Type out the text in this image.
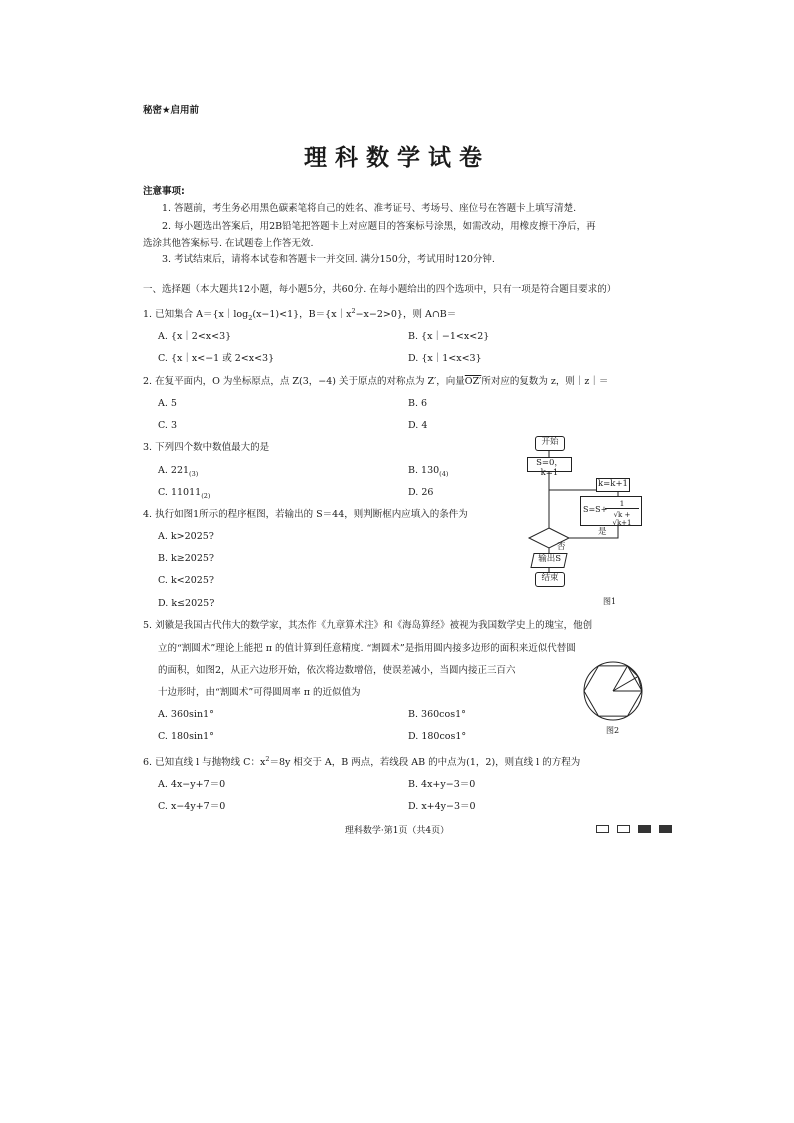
秘密★启用前
理科数学试卷
注意事项:
1. 答题前，考生务必用黑色碳素笔将自己的姓名、准考证号、考场号、座位号在答题卡上填写清楚.
2. 每小题选出答案后，用2B铅笔把答题卡上对应题目的答案标号涂黑，如需改动，用橡皮擦干净后，再
选涂其他答案标号. 在试题卷上作答无效.
3. 考试结束后，请将本试卷和答题卡一并交回. 满分150分，考试用时120分钟.
一、选择题（本大题共12小题，每小题5分，共60分. 在每小题给出的四个选项中，只有一项是符合题目要求的）
1. 已知集合 $A=\{x|\log_2(x-1)<1\}$，$B=\{x|x^2-x-2>0\}$，则 A∩B＝
A. {x｜2<x<3}	B. {x｜−1<x<2}
C. {x｜x<−1 或 2<x<3}	D. {x｜1<x<3}
2. 在复平面内，O 为坐标原点，点 Z(3，−4) 关于原点的对称点为 Z′，向量OZ′所对应的复数为 z，则｜z｜＝
A. 5	B. 6
C. 3	D. 4
3. 下列四个数中数值最大的是
A. $221_{(3)}$	B. $130_{(4)}$
C. $11011_{(2)}$	D. 26
4. 执行如图1所示的程序框图，若输出的 S＝44，则判断框内应填入的条件为
A. k>2025?
B. k≥2025?
C. k<2025?
D. k≤2025?
开始
S=0，k=1
k=k+1
S=S+
1
√k + √k+1
是
否
输出S
结束
图1
5. 刘徽是我国古代伟大的数学家，其杰作《九章算术注》和《海岛算经》被视为我国数学史上的瑰宝，他创
立的“割圆术”理论上能把 π 的值计算到任意精度. “割圆术”是指用圆内接多边形的面积来近似代替圆
的面积，如图2，从正六边形开始，依次将边数增倍，使误差减小，当圆内接正三百六
十边形时，由“割圆术”可得圆周率 π 的近似值为
A. 360sin1°	B. 360cos1°
C. 180sin1°	D. 180cos1°
图2
6. 已知直线 l 与抛物线 C：$x^2=8y$ 相交于 A，B 两点，若线段 AB 的中点为(1，2)，则直线 l 的方程为
A. 4x−y+7＝0	B. 4x+y−3＝0
C. x−4y+7＝0	D. x+4y−3＝0
理科数学·第1页（共4页）
